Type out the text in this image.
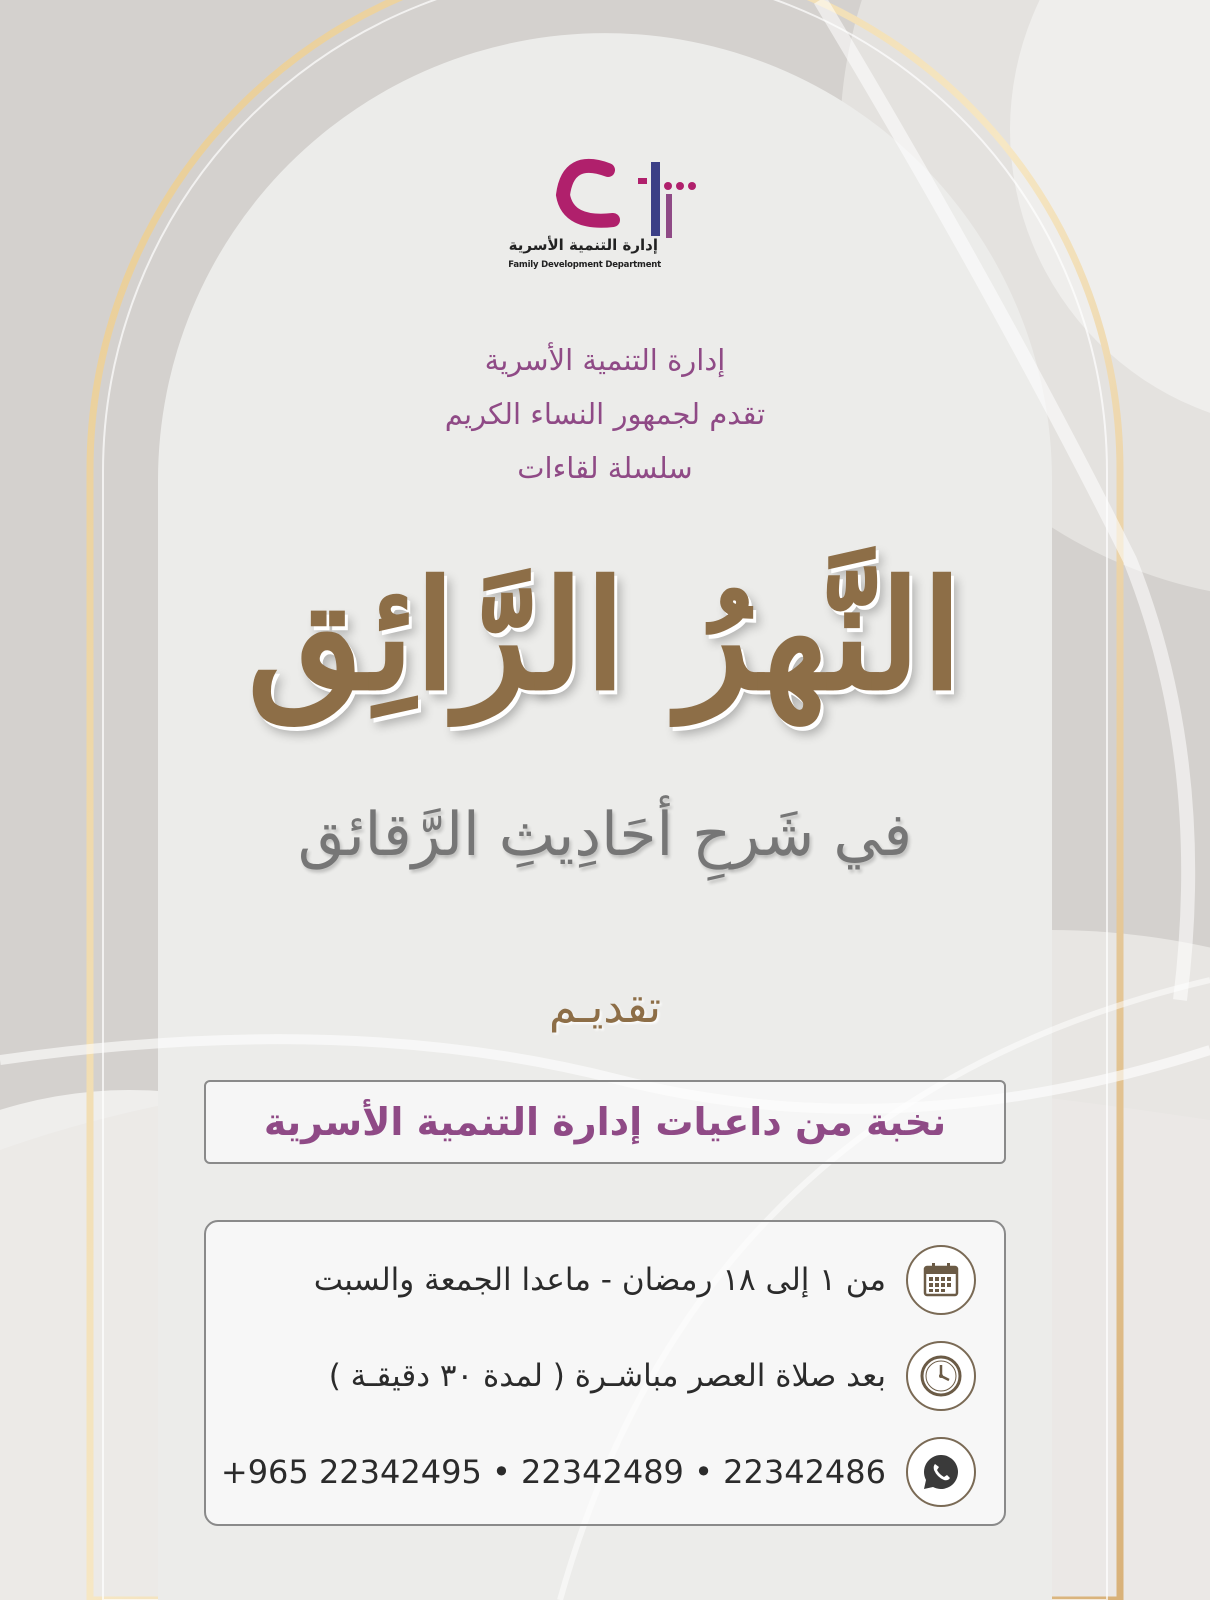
إدارة التنمية الأسرية
Family Development Department
إدارة التنمية الأسرية
تقدم لجمهور النساء الكريم
سلسلة لقاءات
النَّهرُ الرَّائِق
في شَرحِ أحَادِيثِ الرَّقائق
تقديـم
نخبة من داعيات إدارة التنمية الأسرية
من ١ إلى ١٨ رمضان - ماعدا الجمعة والسبت
بعد صلاة العصر مباشـرة ( لمدة ٣٠ دقيقـة )
+965 22342495 • 22342489 • 22342486
